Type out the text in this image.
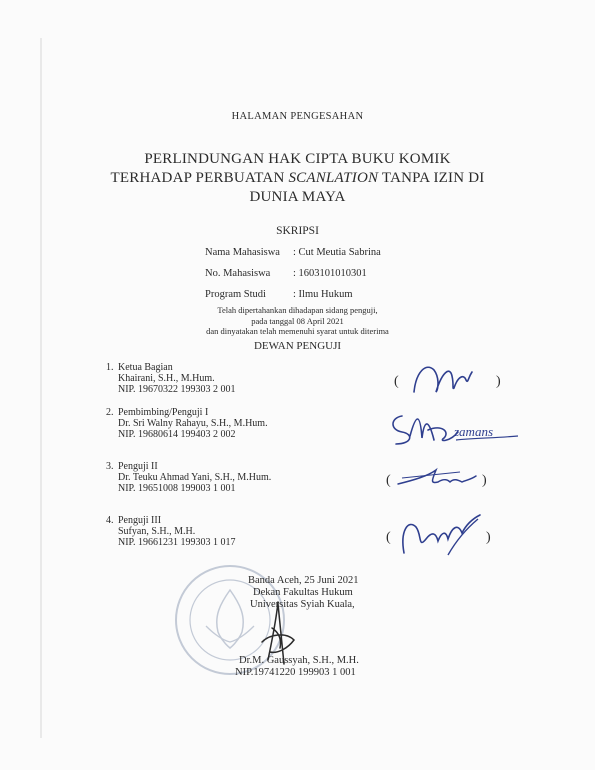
HALAMAN PENGESAHAN
PERLINDUNGAN HAK CIPTA BUKU KOMIK
TERHADAP PERBUATAN SCANLATION TANPA IZIN DI
DUNIA MAYA
SKRIPSI
Nama Mahasiswa : Cut Meutia Sabrina
No. Mahasiswa : 1603101010301
Program Studi	: Ilmu Hukum
Telah dipertahankan dihadapan sidang penguji,
pada tanggal 08 April 2021
dan dinyatakan telah memenuhi syarat untuk diterima
DEWAN PENGUJI
1. Ketua Bagian
Khairani, S.H., M.Hum.
NIP. 19670322 199303 2 001
2. Pembimbing/Penguji I
Dr. Sri Walny Rahayu, S.H., M.Hum.
NIP. 19680614 199403 2 002
3. Penguji II
Dr. Teuku Ahmad Yani, S.H., M.Hum.
NIP. 19651008 199003 1 001
4. Penguji III
Sufyan, S.H., M.H.
NIP. 19661231 199303 1 017
(	)
zamans
(	)
(	)
Banda Aceh, 25 Juni 2021
Dekan Fakultas Hukum
Universitas Syiah Kuala,
Dr.M. Gaussyah, S.H., M.H.
NIP.19741220 199903 1 001
